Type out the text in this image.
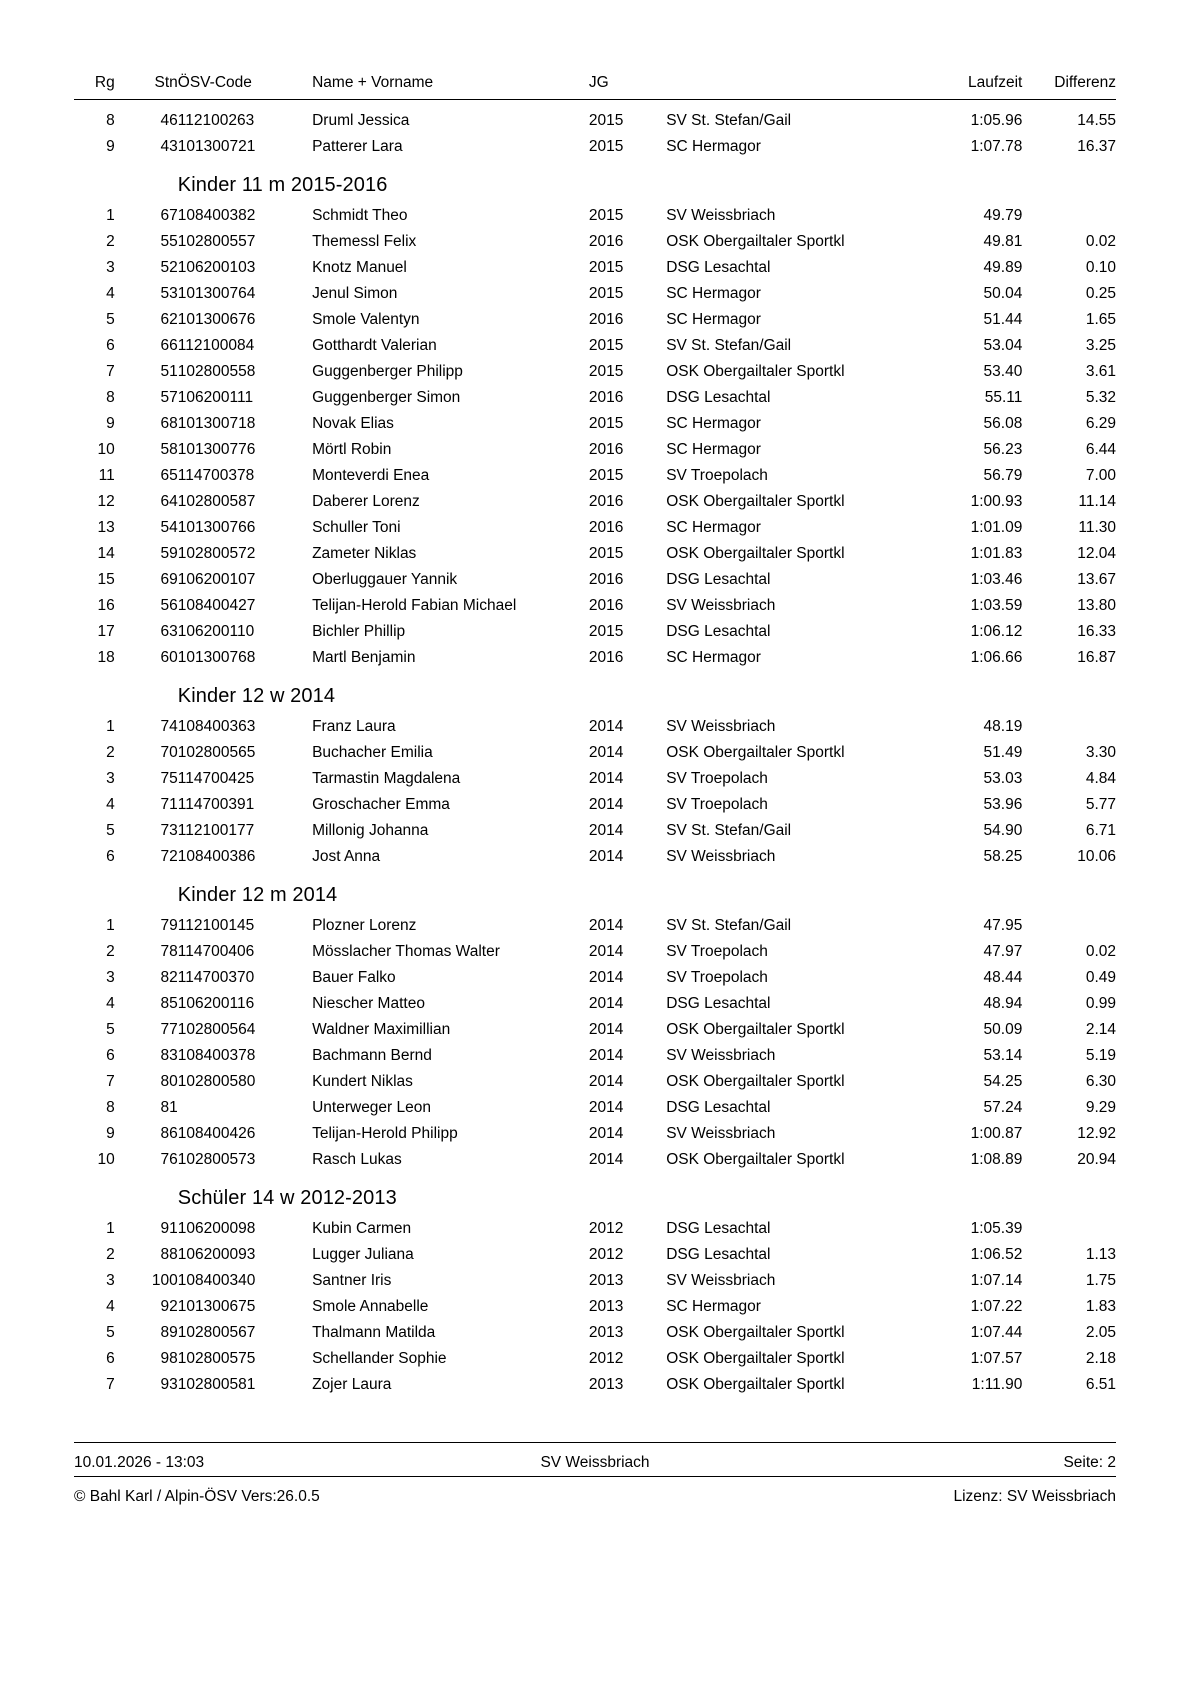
Rg	Stn	ÖSV-Code	Name + Vorname	JG		Laufzeit	Differenz

8	46	112100263	Druml Jessica	2015	SV St. Stefan/Gail	1:05.96	14.55
9	43	101300721	Patterer Lara	2015	SC Hermagor	1:07.78	16.37
		Kinder 11 m 2015-2016					
1	67	108400382	Schmidt Theo	2015	SV Weissbriach	49.79	
2	55	102800557	Themessl Felix	2016	OSK Obergailtaler Sportkl	49.81	0.02
3	52	106200103	Knotz Manuel	2015	DSG Lesachtal	49.89	0.10
4	53	101300764	Jenul Simon	2015	SC Hermagor	50.04	0.25
5	62	101300676	Smole Valentyn	2016	SC Hermagor	51.44	1.65
6	66	112100084	Gotthardt Valerian	2015	SV St. Stefan/Gail	53.04	3.25
7	51	102800558	Guggenberger Philipp	2015	OSK Obergailtaler Sportkl	53.40	3.61
8	57	106200111	Guggenberger Simon	2016	DSG Lesachtal	55.11	5.32
9	68	101300718	Novak Elias	2015	SC Hermagor	56.08	6.29
10	58	101300776	Mörtl Robin	2016	SC Hermagor	56.23	6.44
11	65	114700378	Monteverdi Enea	2015	SV Troepolach	56.79	7.00
12	64	102800587	Daberer Lorenz	2016	OSK Obergailtaler Sportkl	1:00.93	11.14
13	54	101300766	Schuller Toni	2016	SC Hermagor	1:01.09	11.30
14	59	102800572	Zameter Niklas	2015	OSK Obergailtaler Sportkl	1:01.83	12.04
15	69	106200107	Oberluggauer Yannik	2016	DSG Lesachtal	1:03.46	13.67
16	56	108400427	Telijan-Herold Fabian Michael	2016	SV Weissbriach	1:03.59	13.80
17	63	106200110	Bichler Phillip	2015	DSG Lesachtal	1:06.12	16.33
18	60	101300768	Martl Benjamin	2016	SC Hermagor	1:06.66	16.87
		Kinder 12 w 2014					
1	74	108400363	Franz Laura	2014	SV Weissbriach	48.19	
2	70	102800565	Buchacher Emilia	2014	OSK Obergailtaler Sportkl	51.49	3.30
3	75	114700425	Tarmastin Magdalena	2014	SV Troepolach	53.03	4.84
4	71	114700391	Groschacher Emma	2014	SV Troepolach	53.96	5.77
5	73	112100177	Millonig Johanna	2014	SV St. Stefan/Gail	54.90	6.71
6	72	108400386	Jost Anna	2014	SV Weissbriach	58.25	10.06
		Kinder 12 m 2014					
1	79	112100145	Plozner Lorenz	2014	SV St. Stefan/Gail	47.95	
2	78	114700406	Mösslacher Thomas Walter	2014	SV Troepolach	47.97	0.02
3	82	114700370	Bauer Falko	2014	SV Troepolach	48.44	0.49
4	85	106200116	Niescher Matteo	2014	DSG Lesachtal	48.94	0.99
5	77	102800564	Waldner Maximillian	2014	OSK Obergailtaler Sportkl	50.09	2.14
6	83	108400378	Bachmann Bernd	2014	SV Weissbriach	53.14	5.19
7	80	102800580	Kundert Niklas	2014	OSK Obergailtaler Sportkl	54.25	6.30
8	81		Unterweger Leon	2014	DSG Lesachtal	57.24	9.29
9	86	108400426	Telijan-Herold Philipp	2014	SV Weissbriach	1:00.87	12.92
10	76	102800573	Rasch Lukas	2014	OSK Obergailtaler Sportkl	1:08.89	20.94
		Schüler 14 w 2012-2013					
1	91	106200098	Kubin Carmen	2012	DSG Lesachtal	1:05.39	
2	88	106200093	Lugger Juliana	2012	DSG Lesachtal	1:06.52	1.13
3	100	108400340	Santner Iris	2013	SV Weissbriach	1:07.14	1.75
4	92	101300675	Smole Annabelle	2013	SC Hermagor	1:07.22	1.83
5	89	102800567	Thalmann Matilda	2013	OSK Obergailtaler Sportkl	1:07.44	2.05
6	98	102800575	Schellander Sophie	2012	OSK Obergailtaler Sportkl	1:07.57	2.18
7	93	102800581	Zojer Laura	2013	OSK Obergailtaler Sportkl	1:11.90	6.51
10.01.2026 - 13:03	SV Weissbriach	Seite: 2
© Bahl Karl / Alpin-ÖSV Vers:26.0.5	Lizenz: SV Weissbriach
